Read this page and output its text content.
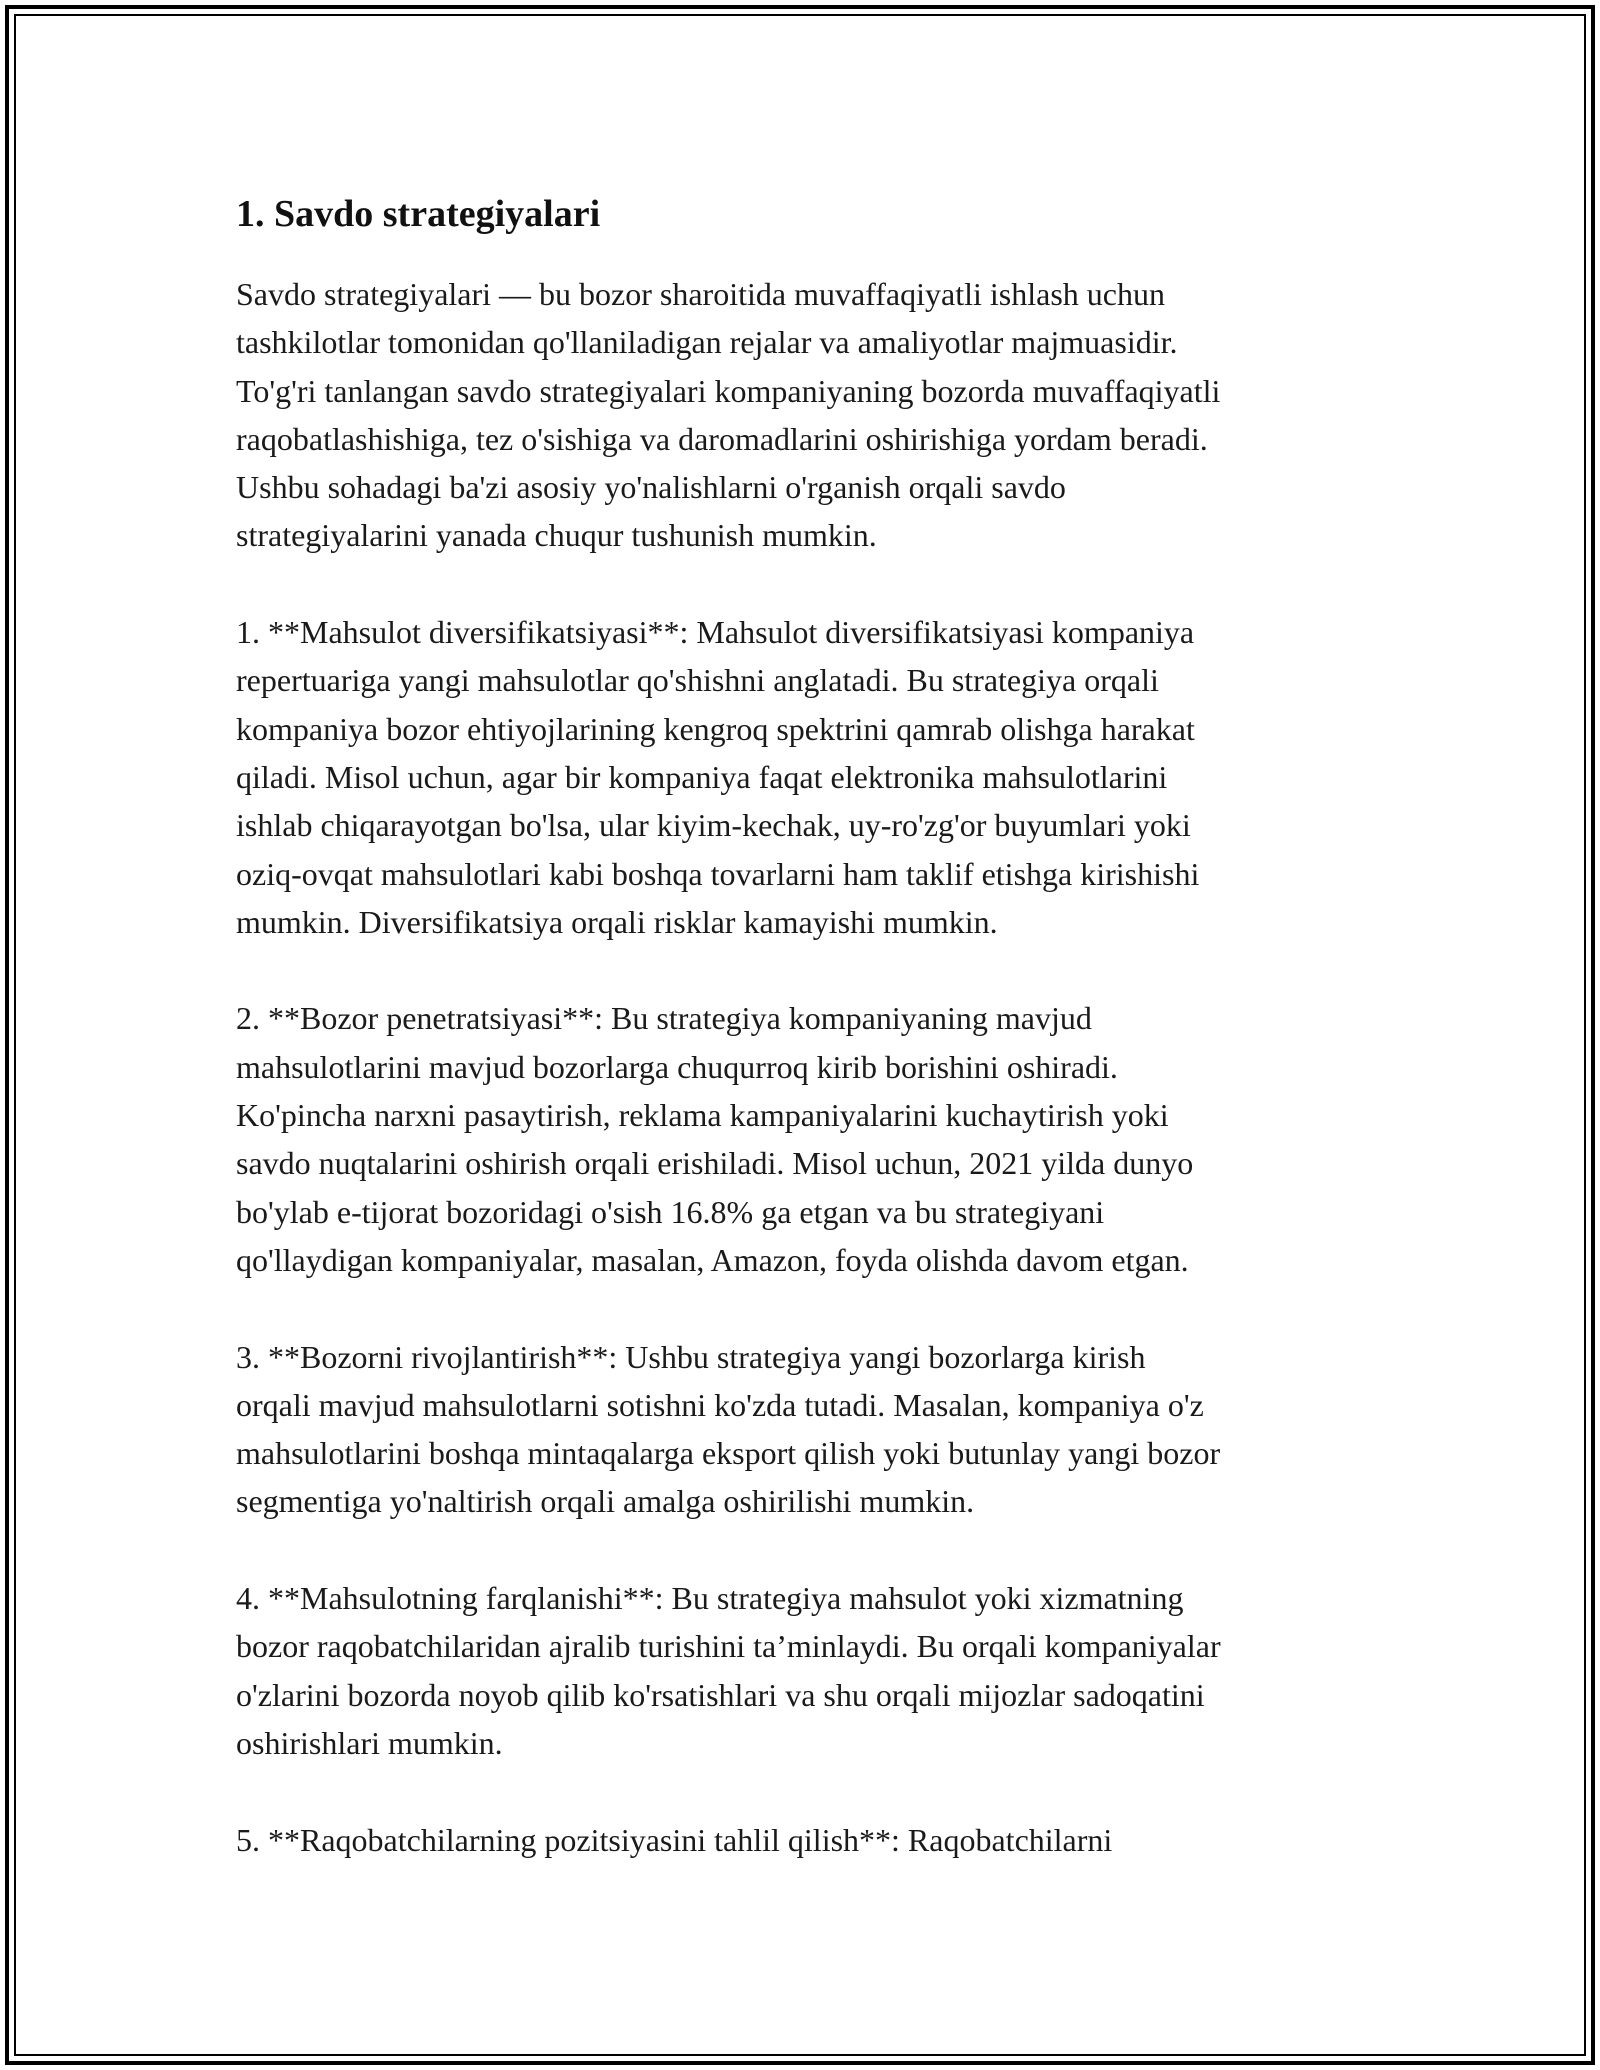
1. Savdo strategiyalari

Savdo strategiyalari — bu bozor sharoitida muvaffaqiyatli ishlash uchun
tashkilotlar tomonidan qo'llaniladigan rejalar va amaliyotlar majmuasidir.
To'g'ri tanlangan savdo strategiyalari kompaniyaning bozorda muvaffaqiyatli
raqobatlashishiga, tez o'sishiga va daromadlarini oshirishiga yordam beradi.
Ushbu sohadagi ba'zi asosiy yo'nalishlarni o'rganish orqali savdo
strategiyalarini yanada chuqur tushunish mumkin.

1. **Mahsulot diversifikatsiyasi**: Mahsulot diversifikatsiyasi kompaniya
repertuariga yangi mahsulotlar qo'shishni anglatadi. Bu strategiya orqali
kompaniya bozor ehtiyojlarining kengroq spektrini qamrab olishga harakat
qiladi. Misol uchun, agar bir kompaniya faqat elektronika mahsulotlarini
ishlab chiqarayotgan bo'lsa, ular kiyim-kechak, uy-ro'zg'or buyumlari yoki
oziq-ovqat mahsulotlari kabi boshqa tovarlarni ham taklif etishga kirishishi
mumkin. Diversifikatsiya orqali risklar kamayishi mumkin.

2. **Bozor penetratsiyasi**: Bu strategiya kompaniyaning mavjud
mahsulotlarini mavjud bozorlarga chuqurroq kirib borishini oshiradi.
Ko'pincha narxni pasaytirish, reklama kampaniyalarini kuchaytirish yoki
savdo nuqtalarini oshirish orqali erishiladi. Misol uchun, 2021 yilda dunyo
bo'ylab e-tijorat bozoridagi o'sish 16.8% ga etgan va bu strategiyani
qo'llaydigan kompaniyalar, masalan, Amazon, foyda olishda davom etgan.

3. **Bozorni rivojlantirish**: Ushbu strategiya yangi bozorlarga kirish
orqali mavjud mahsulotlarni sotishni ko'zda tutadi. Masalan, kompaniya o'z
mahsulotlarini boshqa mintaqalarga eksport qilish yoki butunlay yangi bozor
segmentiga yo'naltirish orqali amalga oshirilishi mumkin.

4. **Mahsulotning farqlanishi**: Bu strategiya mahsulot yoki xizmatning
bozor raqobatchilaridan ajralib turishini ta’minlaydi. Bu orqali kompaniyalar
o'zlarini bozorda noyob qilib ko'rsatishlari va shu orqali mijozlar sadoqatini
oshirishlari mumkin.

5. **Raqobatchilarning pozitsiyasini tahlil qilish**: Raqobatchilarni
